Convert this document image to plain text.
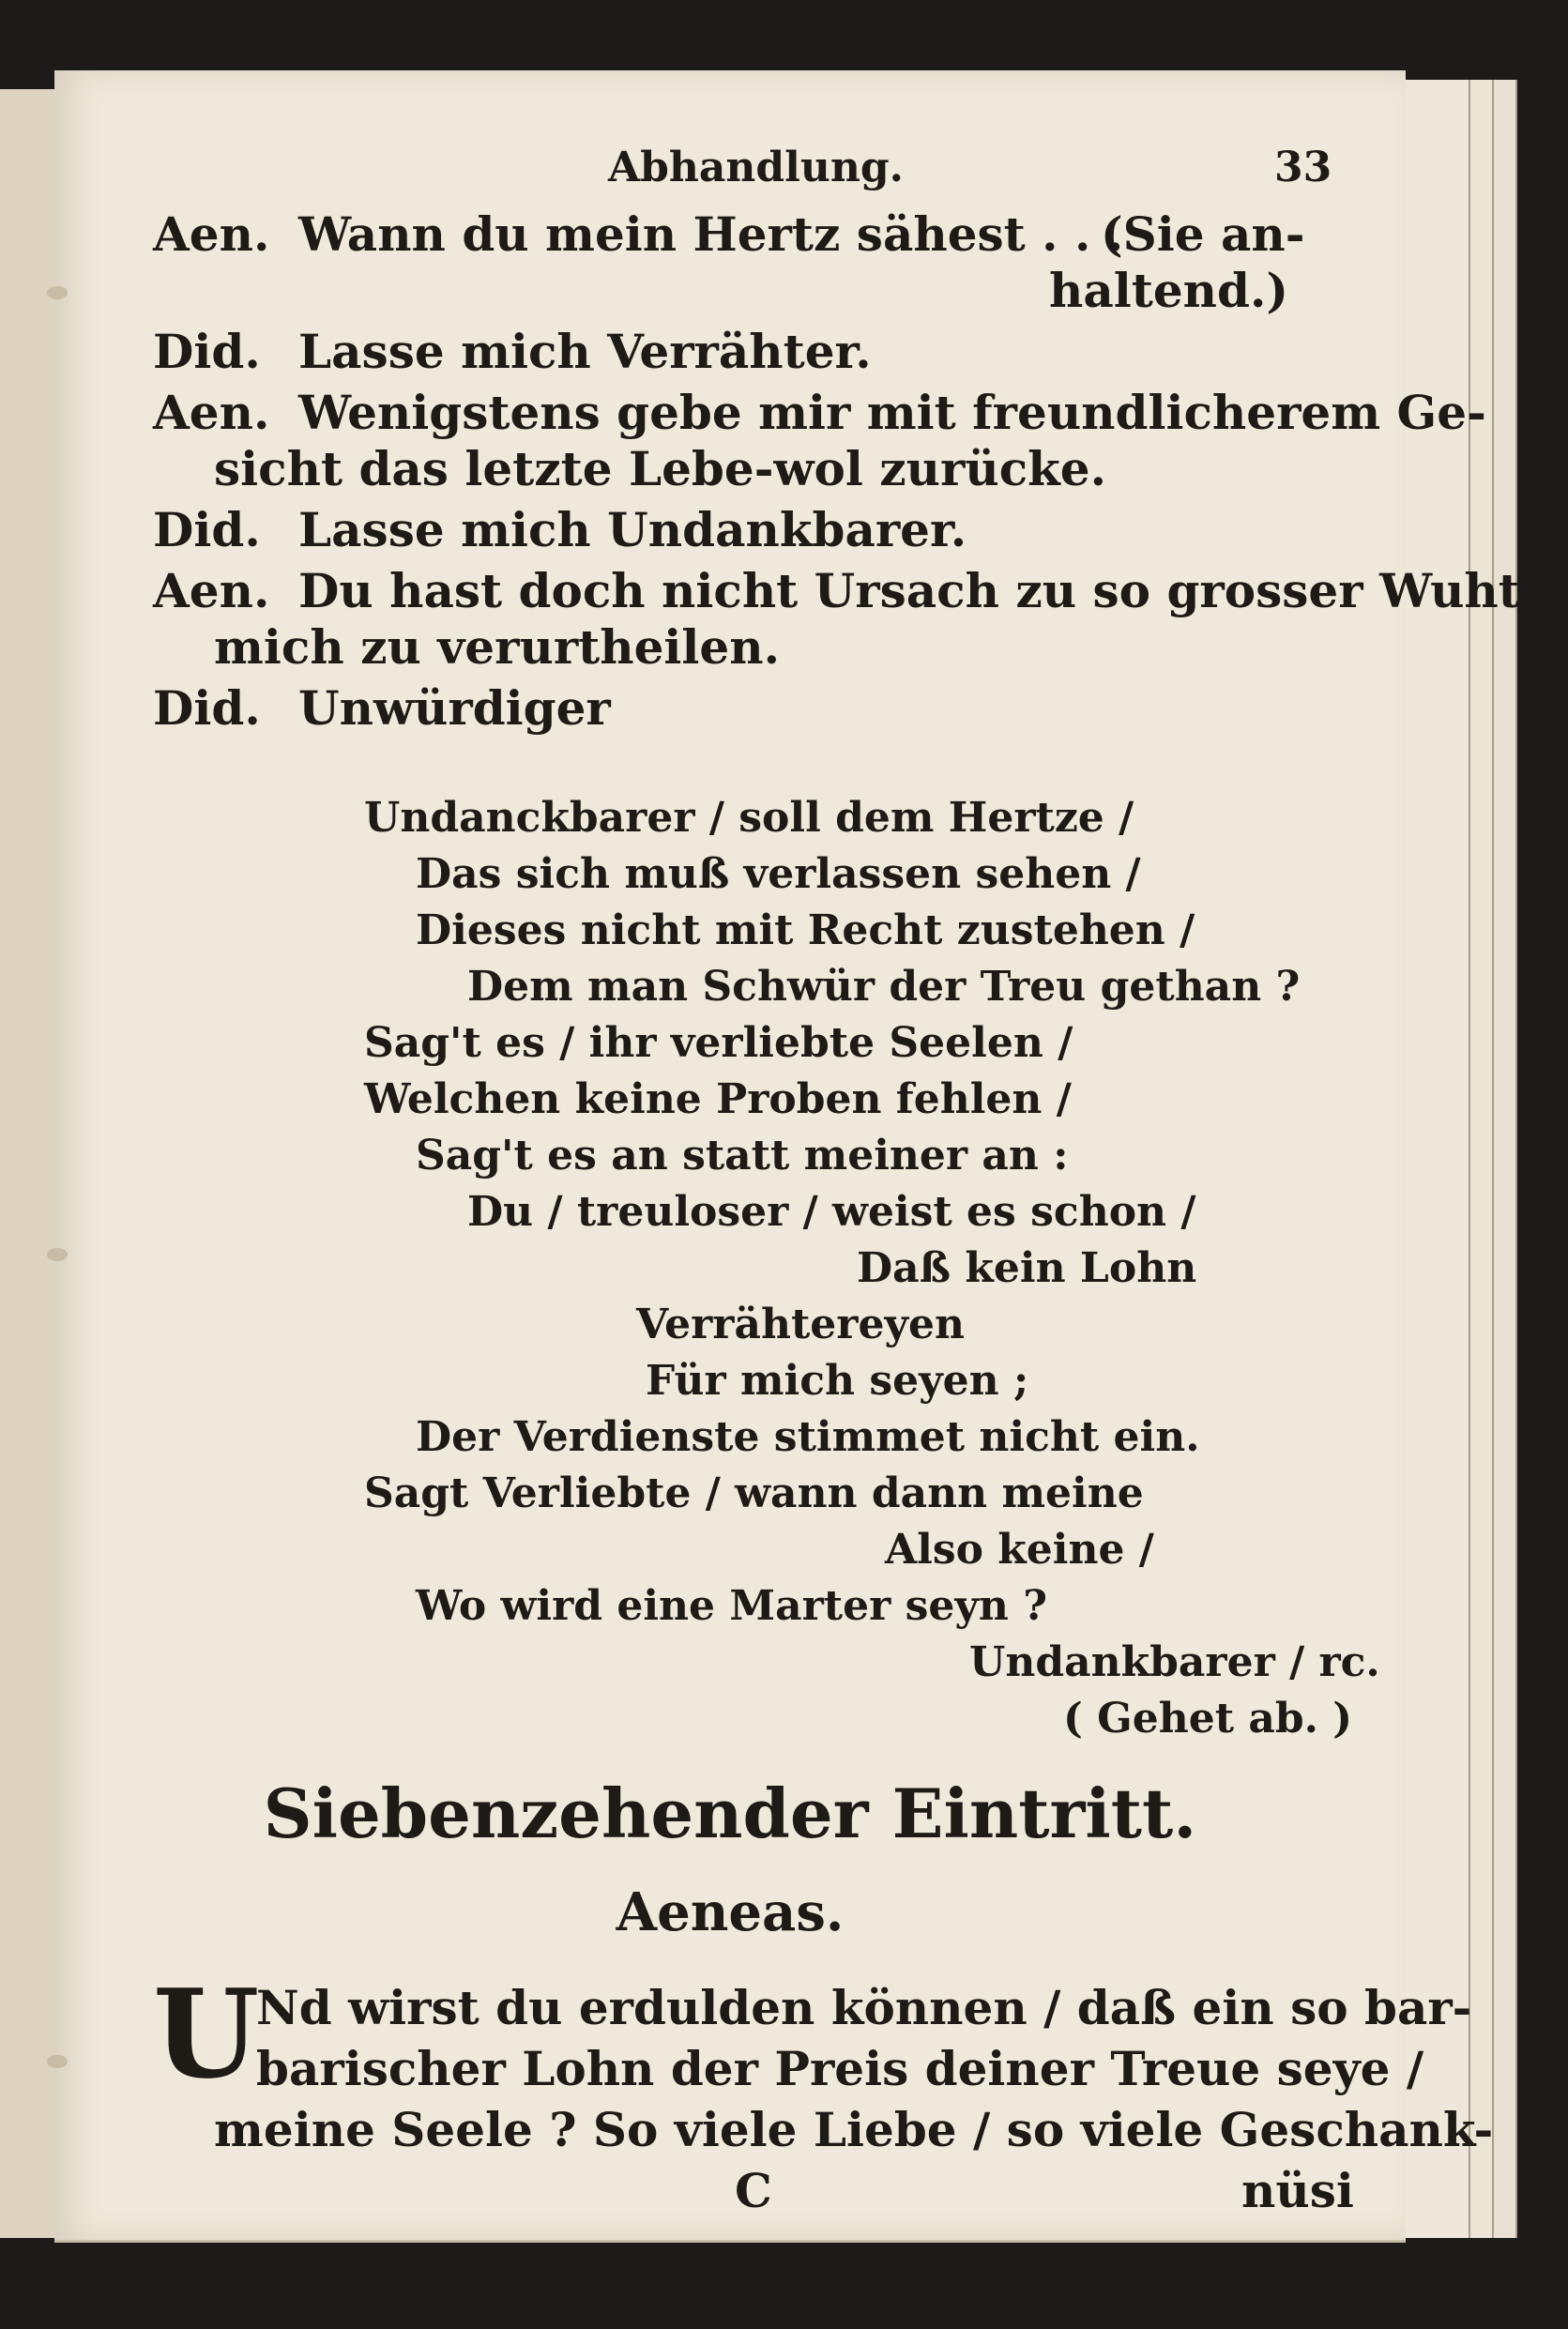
Abhandlung.	33
Aen. Wann du mein Hertz sähest . . .
(Sie an-
haltend.)
Did. Lasse mich Verrähter.
Aen. Wenigstens gebe mir mit freundlicherem Ge-
sicht das letzte Lebe-wol zurücke.
Did. Lasse mich Undankbarer.
Aen. Du hast doch nicht Ursach zu so grosser Wuht
mich zu verurtheilen.
Did. Unwürdiger
Undanckbarer / soll dem Hertze /
Das sich muß verlassen sehen /
Dieses nicht mit Recht zustehen /
Dem man Schwür der Treu gethan ?
Sag't es / ihr verliebte Seelen /
Welchen keine Proben fehlen /
Sag't es an statt meiner an :
Du / treuloser / weist es schon /
Daß kein Lohn
Verrähtereyen
Für mich seyen ;
Der Verdienste stimmet nicht ein.
Sagt Verliebte / wann dann meine
Also keine /
Wo wird eine Marter seyn ?
Undankbarer / rc.
( Gehet ab. )
Siebenzehender Eintritt.
Aeneas.
U
Nd wirst du erdulden können / daß ein so bar-
barischer Lohn der Preis deiner Treue seye /
meine Seele ? So viele Liebe / so viele Geschank-
C	nüsi
